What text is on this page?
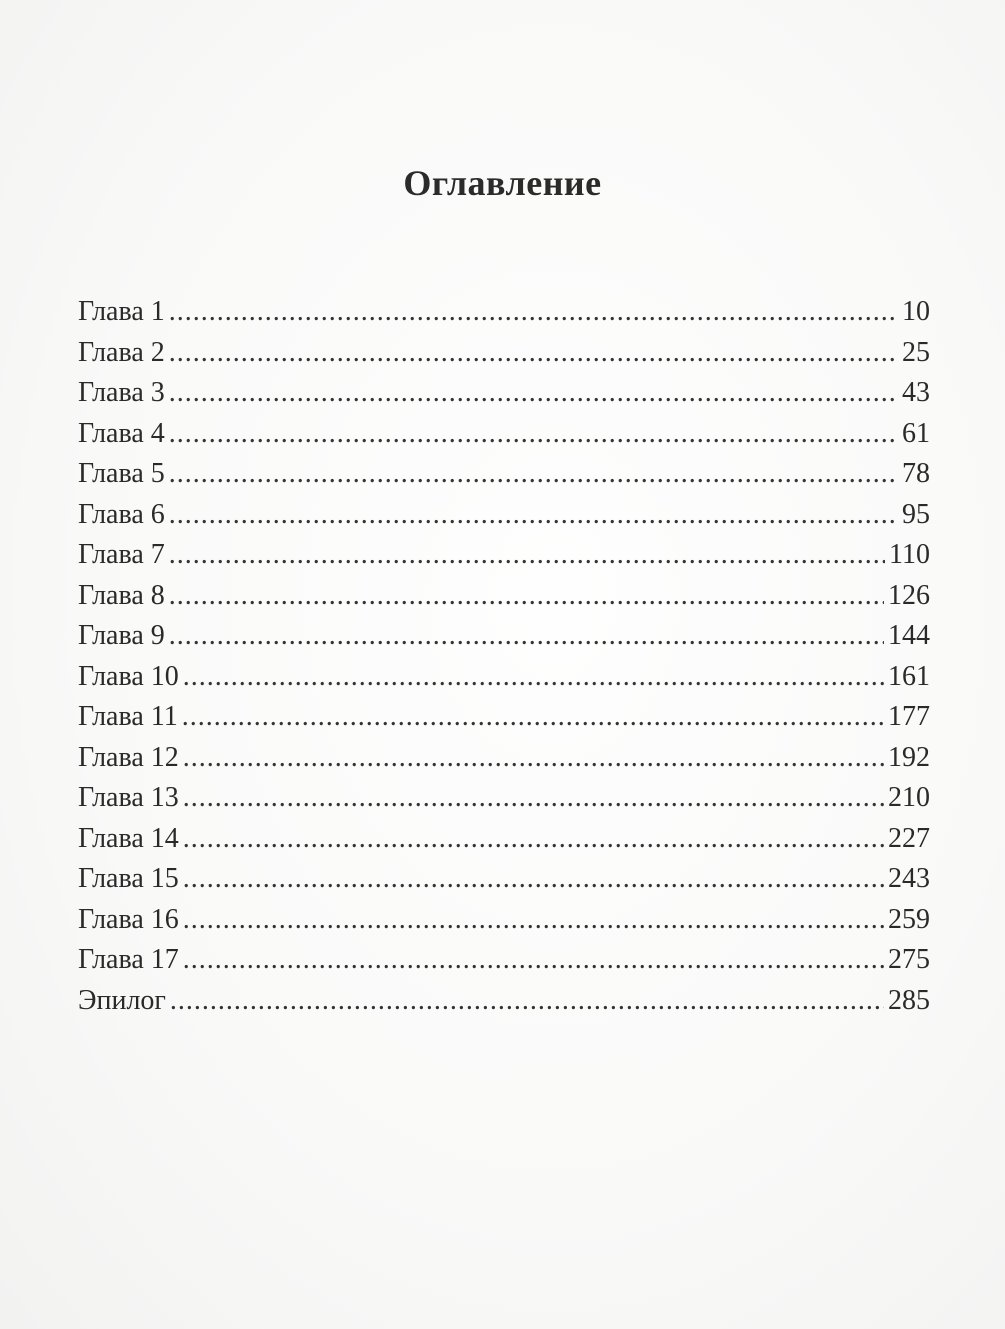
Оглавление
Глава 1 .....	10
Глава 2 .....	25
Глава 3 .....	43
Глава 4 .....	61
Глава 5 .....	78
Глава 6 .....	95
Глава 7 .....	110
Глава 8 .....	126
Глава 9 .....	144
Глава 10 .....	161
Глава 11 .....	177
Глава 12 .....	192
Глава 13 .....	210
Глава 14 .....	227
Глава 15 .....	243
Глава 16 .....	259
Глава 17 .....	275
Эпилог .....	285
